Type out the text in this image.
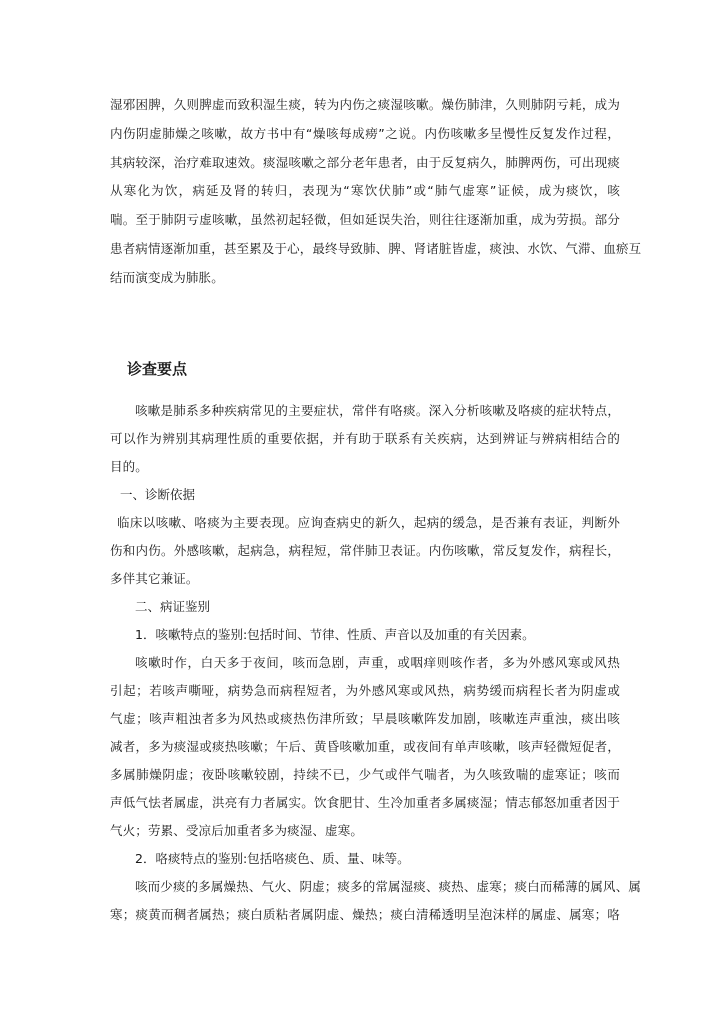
湿邪困脾，久则脾虚而致积湿生痰，转为内伤之痰湿咳嗽。燥伤肺津，久则肺阴亏耗，成为
内伤阴虚肺燥之咳嗽，故方书中有“燥咳每成痨”之说。内伤咳嗽多呈慢性反复发作过程，
其病较深，治疗难取速效。痰湿咳嗽之部分老年患者，由于反复病久，肺脾两伤，可出现痰
从寒化为饮，病延及肾的转归，表现为“寒饮伏肺”或“肺气虚寒”证候，成为痰饮，咳
喘。至于肺阴亏虚咳嗽，虽然初起轻微，但如延误失治，则往往逐渐加重，成为劳损。部分
患者病情逐渐加重，甚至累及于心，最终导致肺、脾、肾诸脏皆虚，痰浊、水饮、气滞、血瘀互
结而演变成为肺胀。
诊查要点
咳嗽是肺系多种疾病常见的主要症状，常伴有咯痰。深入分析咳嗽及咯痰的症状特点，
可以作为辨别其病理性质的重要依据，并有助于联系有关疾病，达到辨证与辨病相结合的
目的。
一、诊断依据
临床以咳嗽、咯痰为主要表现。应询查病史的新久，起病的缓急，是否兼有表证，判断外
伤和内伤。外感咳嗽，起病急，病程短，常伴肺卫表证。内伤咳嗽，常反复发作，病程长，
多伴其它兼证。
二、病证鉴别
1．咳嗽特点的鉴别:包括时间、节律、性质、声音以及加重的有关因素。
咳嗽时作，白天多于夜间，咳而急剧，声重，或咽痒则咳作者，多为外感风寒或风热
引起；若咳声嘶哑，病势急而病程短者，为外感风寒或风热，病势缓而病程长者为阴虚或
气虚；咳声粗浊者多为风热或痰热伤津所致；早晨咳嗽阵发加剧，咳嗽连声重浊，痰出咳
减者，多为痰湿或痰热咳嗽；午后、黄昏咳嗽加重，或夜间有单声咳嗽，咳声轻微短促者，
多属肺燥阴虚；夜卧咳嗽较剧，持续不已，少气或伴气喘者，为久咳致喘的虚寒证；咳而
声低气怯者属虚，洪亮有力者属实。饮食肥甘、生冷加重者多属痰湿；情志郁怒加重者因于
气火；劳累、受凉后加重者多为痰湿、虚寒。
2．咯痰特点的鉴别:包括咯痰色、质、量、味等。
咳而少痰的多属燥热、气火、阴虚；痰多的常属湿痰、痰热、虚寒；痰白而稀薄的属风、属
寒；痰黄而稠者属热；痰白质粘者属阴虚、燥热；痰白清稀透明呈泡沫样的属虚、属寒；咯
